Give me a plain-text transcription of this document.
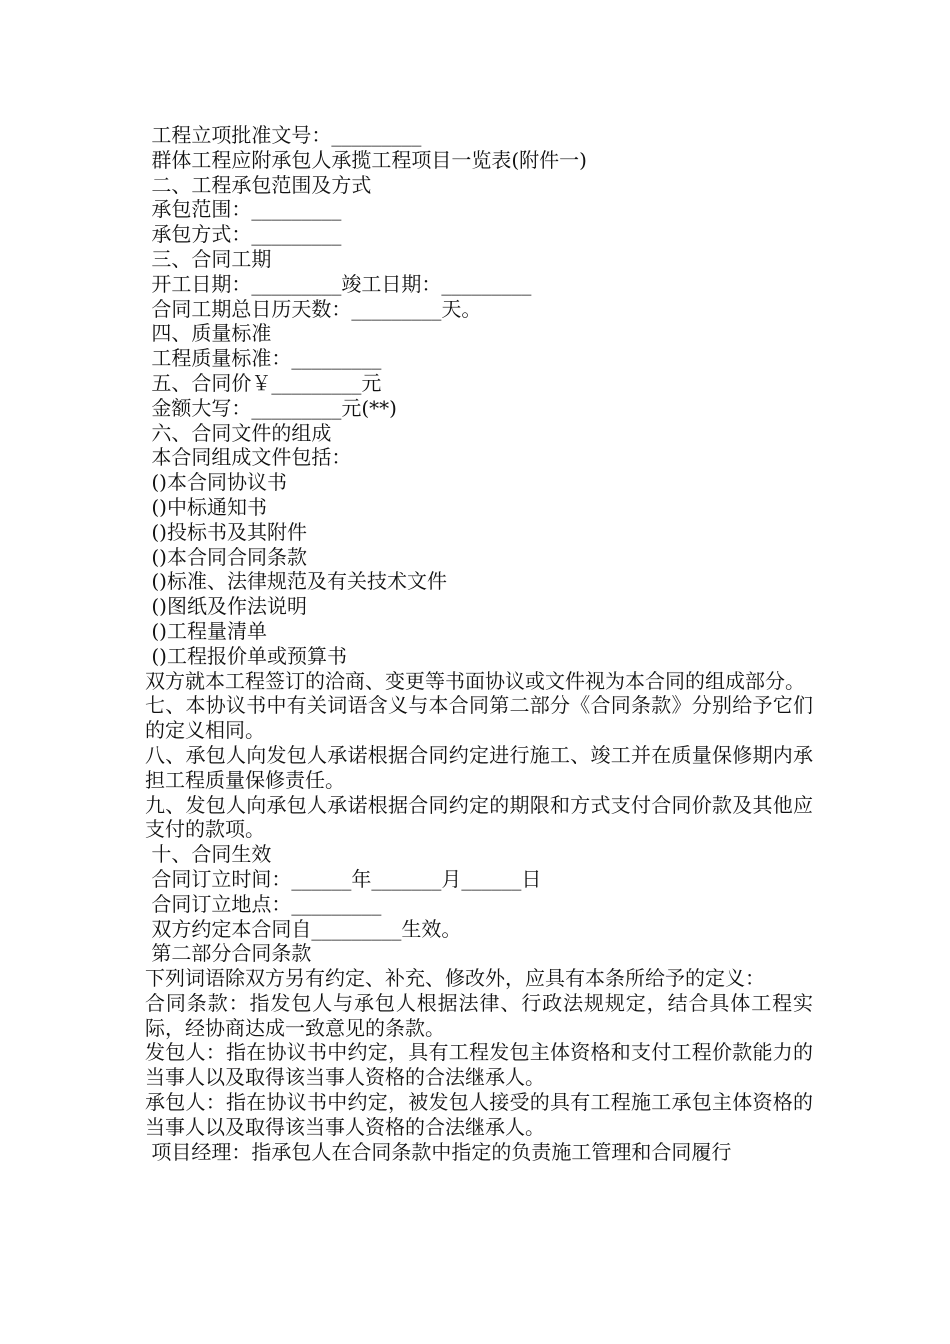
工程立项批准文号：_________
群体工程应附承包人承揽工程项目一览表(附件一)
二、工程承包范围及方式
承包范围：_________
承包方式：_________
三、合同工期
开工日期：_________竣工日期：_________
合同工期总日历天数：_________天。
四、质量标准
工程质量标准：_________
五、合同价￥_________元
金额大写：_________元(**)
六、合同文件的组成
本合同组成文件包括：
()本合同协议书
()中标通知书
()投标书及其附件
()本合同合同条款
()标准、法律规范及有关技术文件
()图纸及作法说明
()工程量清单
()工程报价单或预算书

双方就本工程签订的洽商、变更等书面协议或文件视为本合同的组成部分。

七、本协议书中有关词语含义与本合同第二部分《合同条款》分别给予它们的定义相同。

八、承包人向发包人承诺根据合同约定进行施工、竣工并在质量保修期内承担工程质量保修责任。

九、发包人向承包人承诺根据合同约定的期限和方式支付合同价款及其他应支付的款项。

十、合同生效
合同订立时间：______年_______月______日
合同订立地点：_________
双方约定本合同自_________生效。
第二部分合同条款

下列词语除双方另有约定、补充、修改外，应具有本条所给予的定义：

合同条款：指发包人与承包人根据法律、行政法规规定，结合具体工程实际，经协商达成一致意见的条款。

发包人：指在协议书中约定，具有工程发包主体资格和支付工程价款能力的当事人以及取得该当事人资格的合法继承人。

承包人：指在协议书中约定，被发包人接受的具有工程施工承包主体资格的当事人以及取得该当事人资格的合法继承人。

项目经理：指承包人在合同条款中指定的负责施工管理和合同履行
